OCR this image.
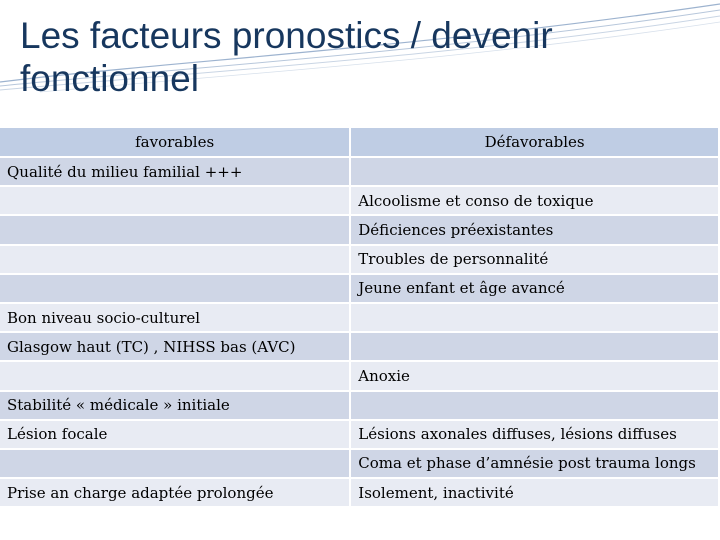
Les facteurs pronostics / devenir fonctionnel
favorables	Défavorables
Qualité du milieu familial +++	
	Alcoolisme et conso de toxique
	Déficiences préexistantes
	Troubles de personnalité
	Jeune enfant et âge avancé
Bon niveau socio-culturel	
Glasgow haut (TC) , NIHSS bas (AVC)	
	Anoxie
Stabilité « médicale » initiale	
Lésion focale	Lésions axonales diffuses, lésions diffuses
	Coma et phase d’amnésie post trauma longs
Prise an charge adaptée prolongée	Isolement, inactivité
